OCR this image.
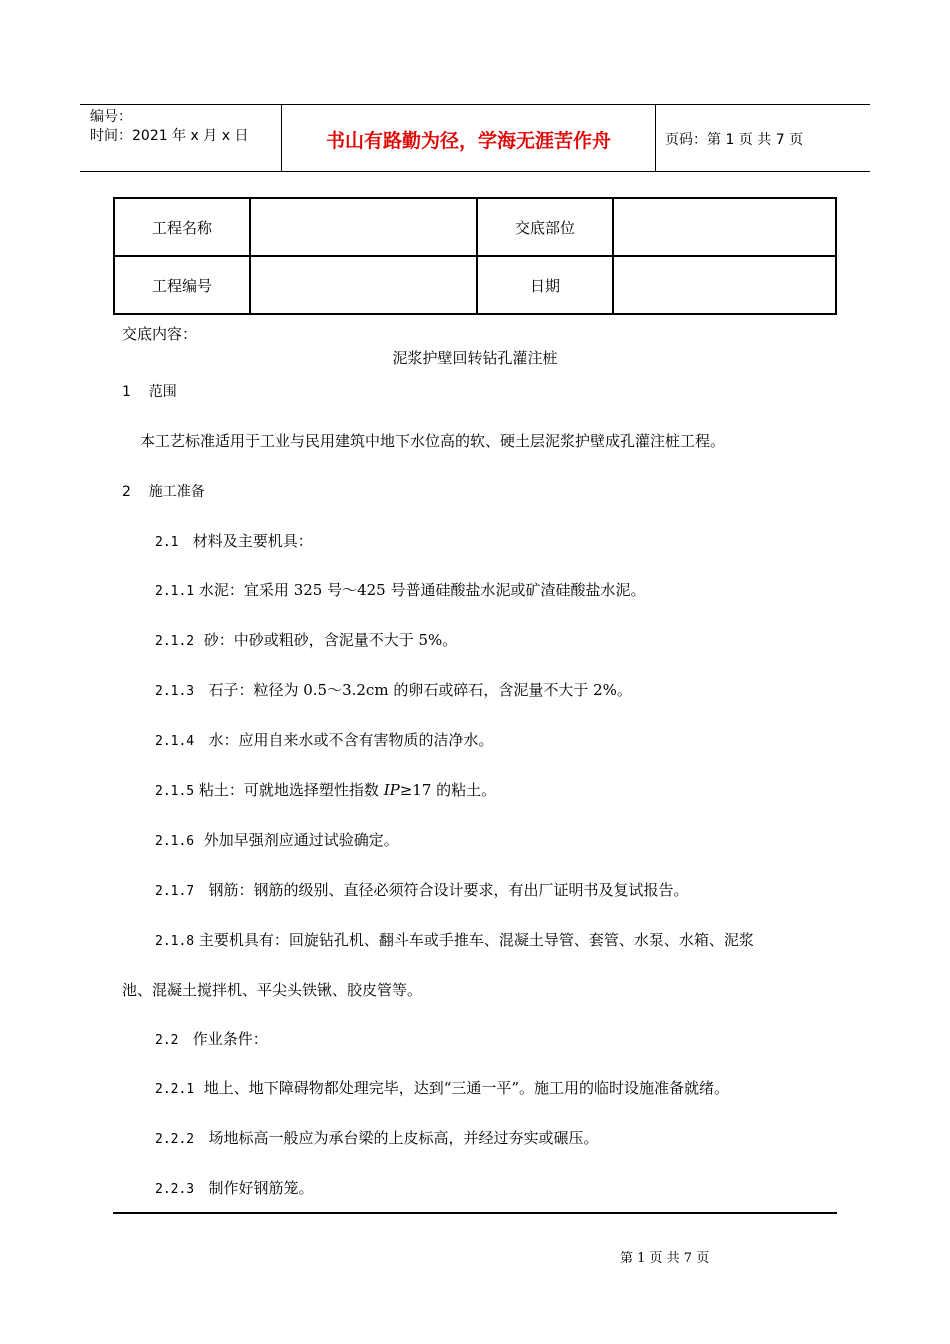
编号：
时间：2021 年 x 月 x 日	书山有路勤为径，学海无涯苦作舟	页码：第 1 页 共 7 页
工程名称		交底部位	
工程编号		日期	
交底内容：
泥浆护壁回转钻孔灌注桩
1 范围
本工艺标准适用于工业与民用建筑中地下水位高的软、硬土层泥浆护壁成孔灌注桩工程。
2 施工准备
2.1 材料及主要机具：
2.1.1 水泥：宜采用 325 号～425 号普通硅酸盐水泥或矿渣硅酸盐水泥。
2.1.2 砂：中砂或粗砂，含泥量不大于 5%。
2.1.3 石子：粒径为 0.5～3.2cm 的卵石或碎石，含泥量不大于 2%。
2.1.4 水：应用自来水或不含有害物质的洁净水。
2.1.5 粘土：可就地选择塑性指数 IP≥17 的粘土。
2.1.6 外加早强剂应通过试验确定。
2.1.7 钢筋：钢筋的级别、直径必须符合设计要求，有出厂证明书及复试报告。
2.1.8 主要机具有：回旋钻孔机、翻斗车或手推车、混凝土导管、套管、水泵、水箱、泥浆
池、混凝土搅拌机、平尖头铁锹、胶皮管等。
2.2 作业条件：
2.2.1 地上、地下障碍物都处理完毕，达到“三通一平”。施工用的临时设施准备就绪。
2.2.2 场地标高一般应为承台梁的上皮标高，并经过夯实或碾压。
2.2.3 制作好钢筋笼。
第 1 页 共 7 页
